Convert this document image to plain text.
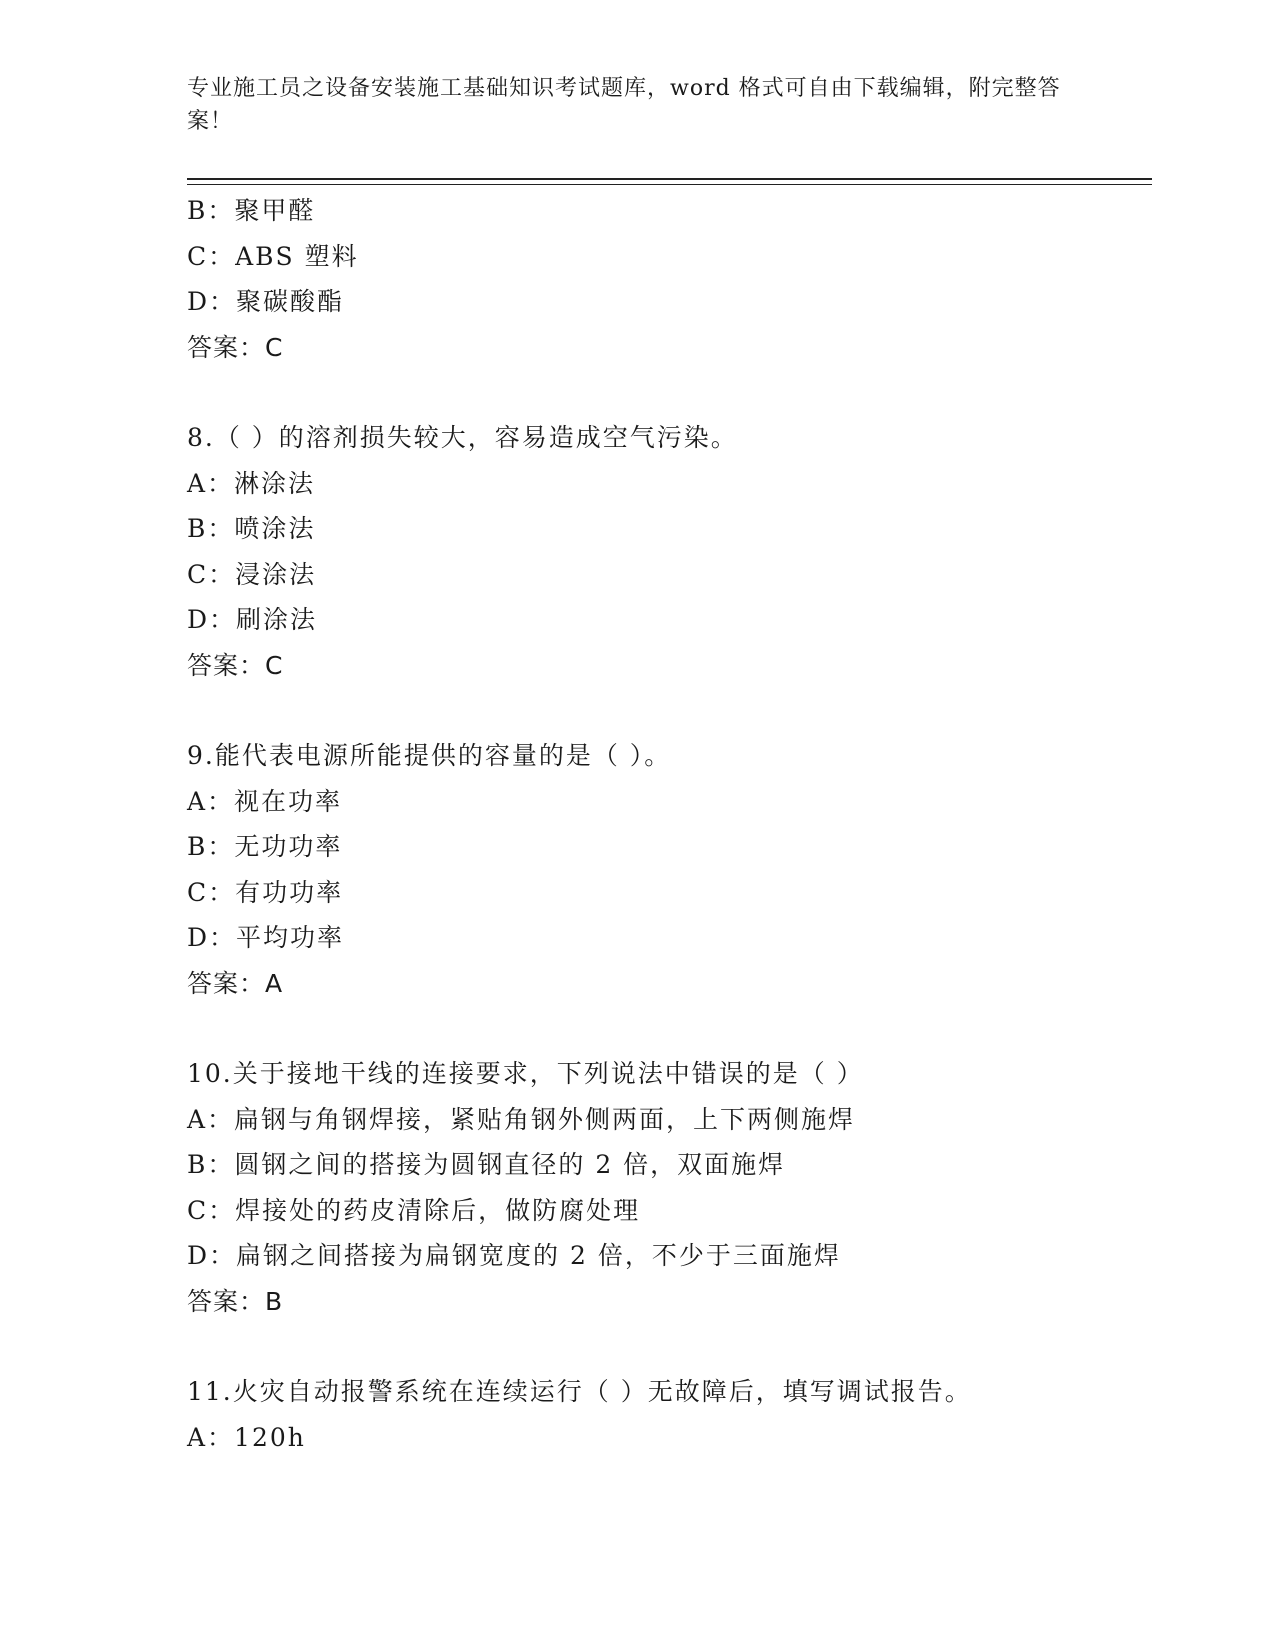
专业施工员之设备安装施工基础知识考试题库，word 格式可自由下载编辑，附完整答案！
B：聚甲醛
C：ABS 塑料
D：聚碳酸酯
答案：C
8.（ ）的溶剂损失较大，容易造成空气污染。
A：淋涂法
B：喷涂法
C：浸涂法
D：刷涂法
答案：C
9.能代表电源所能提供的容量的是（ ）。
A：视在功率
B：无功功率
C：有功功率
D：平均功率
答案：A
10.关于接地干线的连接要求，下列说法中错误的是（ ）
A：扁钢与角钢焊接，紧贴角钢外侧两面，上下两侧施焊
B：圆钢之间的搭接为圆钢直径的 2 倍，双面施焊
C：焊接处的药皮清除后，做防腐处理
D：扁钢之间搭接为扁钢宽度的 2 倍，不少于三面施焊
答案：B
11.火灾自动报警系统在连续运行（ ）无故障后，填写调试报告。
A：120h
